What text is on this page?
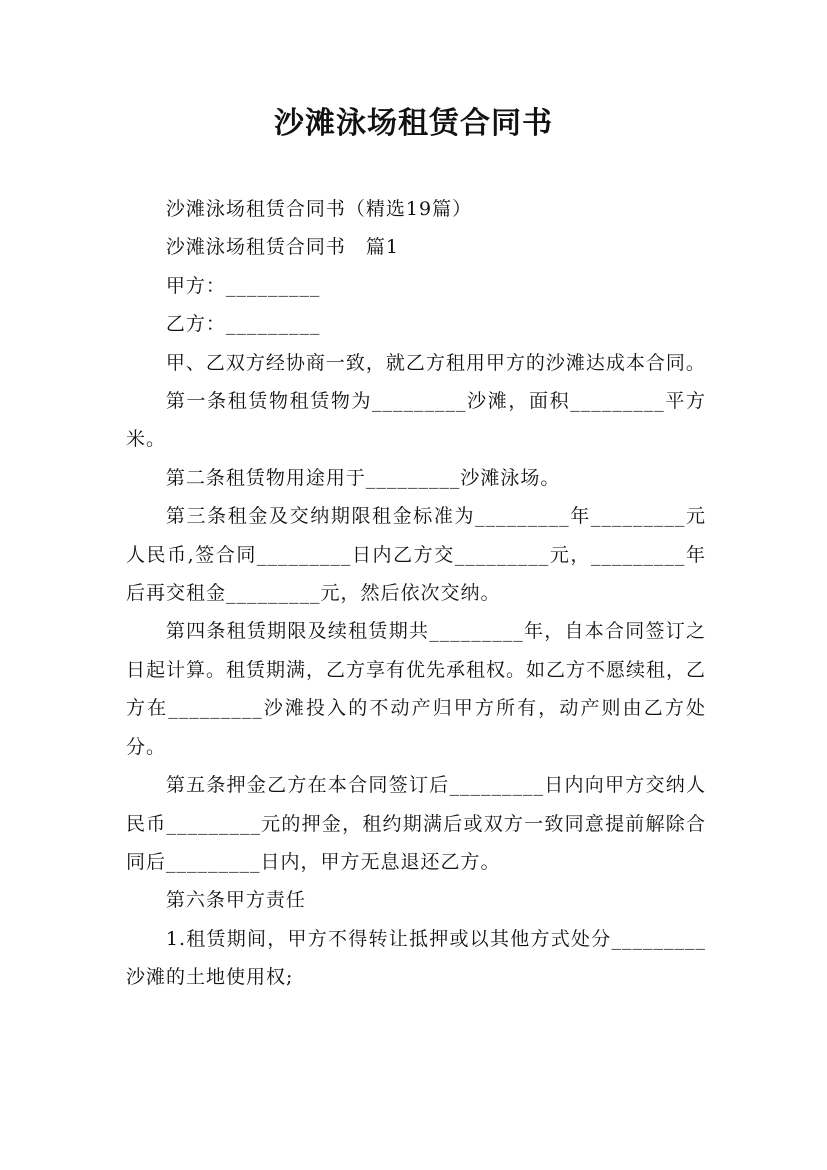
沙滩泳场租赁合同书

沙滩泳场租赁合同书（精选19篇）

沙滩泳场租赁合同书　篇1

甲方：_________

乙方：_________

甲、乙双方经协商一致，就乙方租用甲方的沙滩达成本合同。

第一条租赁物租赁物为_________沙滩，面积_________平方米。

第二条租赁物用途用于_________沙滩泳场。

第三条租金及交纳期限租金标准为_________年_________元人民币,签合同_________日内乙方交_________元，_________年后再交租金_________元，然后依次交纳。

第四条租赁期限及续租赁期共_________年，自本合同签订之日起计算。租赁期满，乙方享有优先承租权。如乙方不愿续租，乙方在_________沙滩投入的不动产归甲方所有，动产则由乙方处分。

第五条押金乙方在本合同签订后_________日内向甲方交纳人民币_________元的押金，租约期满后或双方一致同意提前解除合同后_________日内，甲方无息退还乙方。

第六条甲方责任

1.租赁期间，甲方不得转让抵押或以其他方式处分_________沙滩的土地使用权;
